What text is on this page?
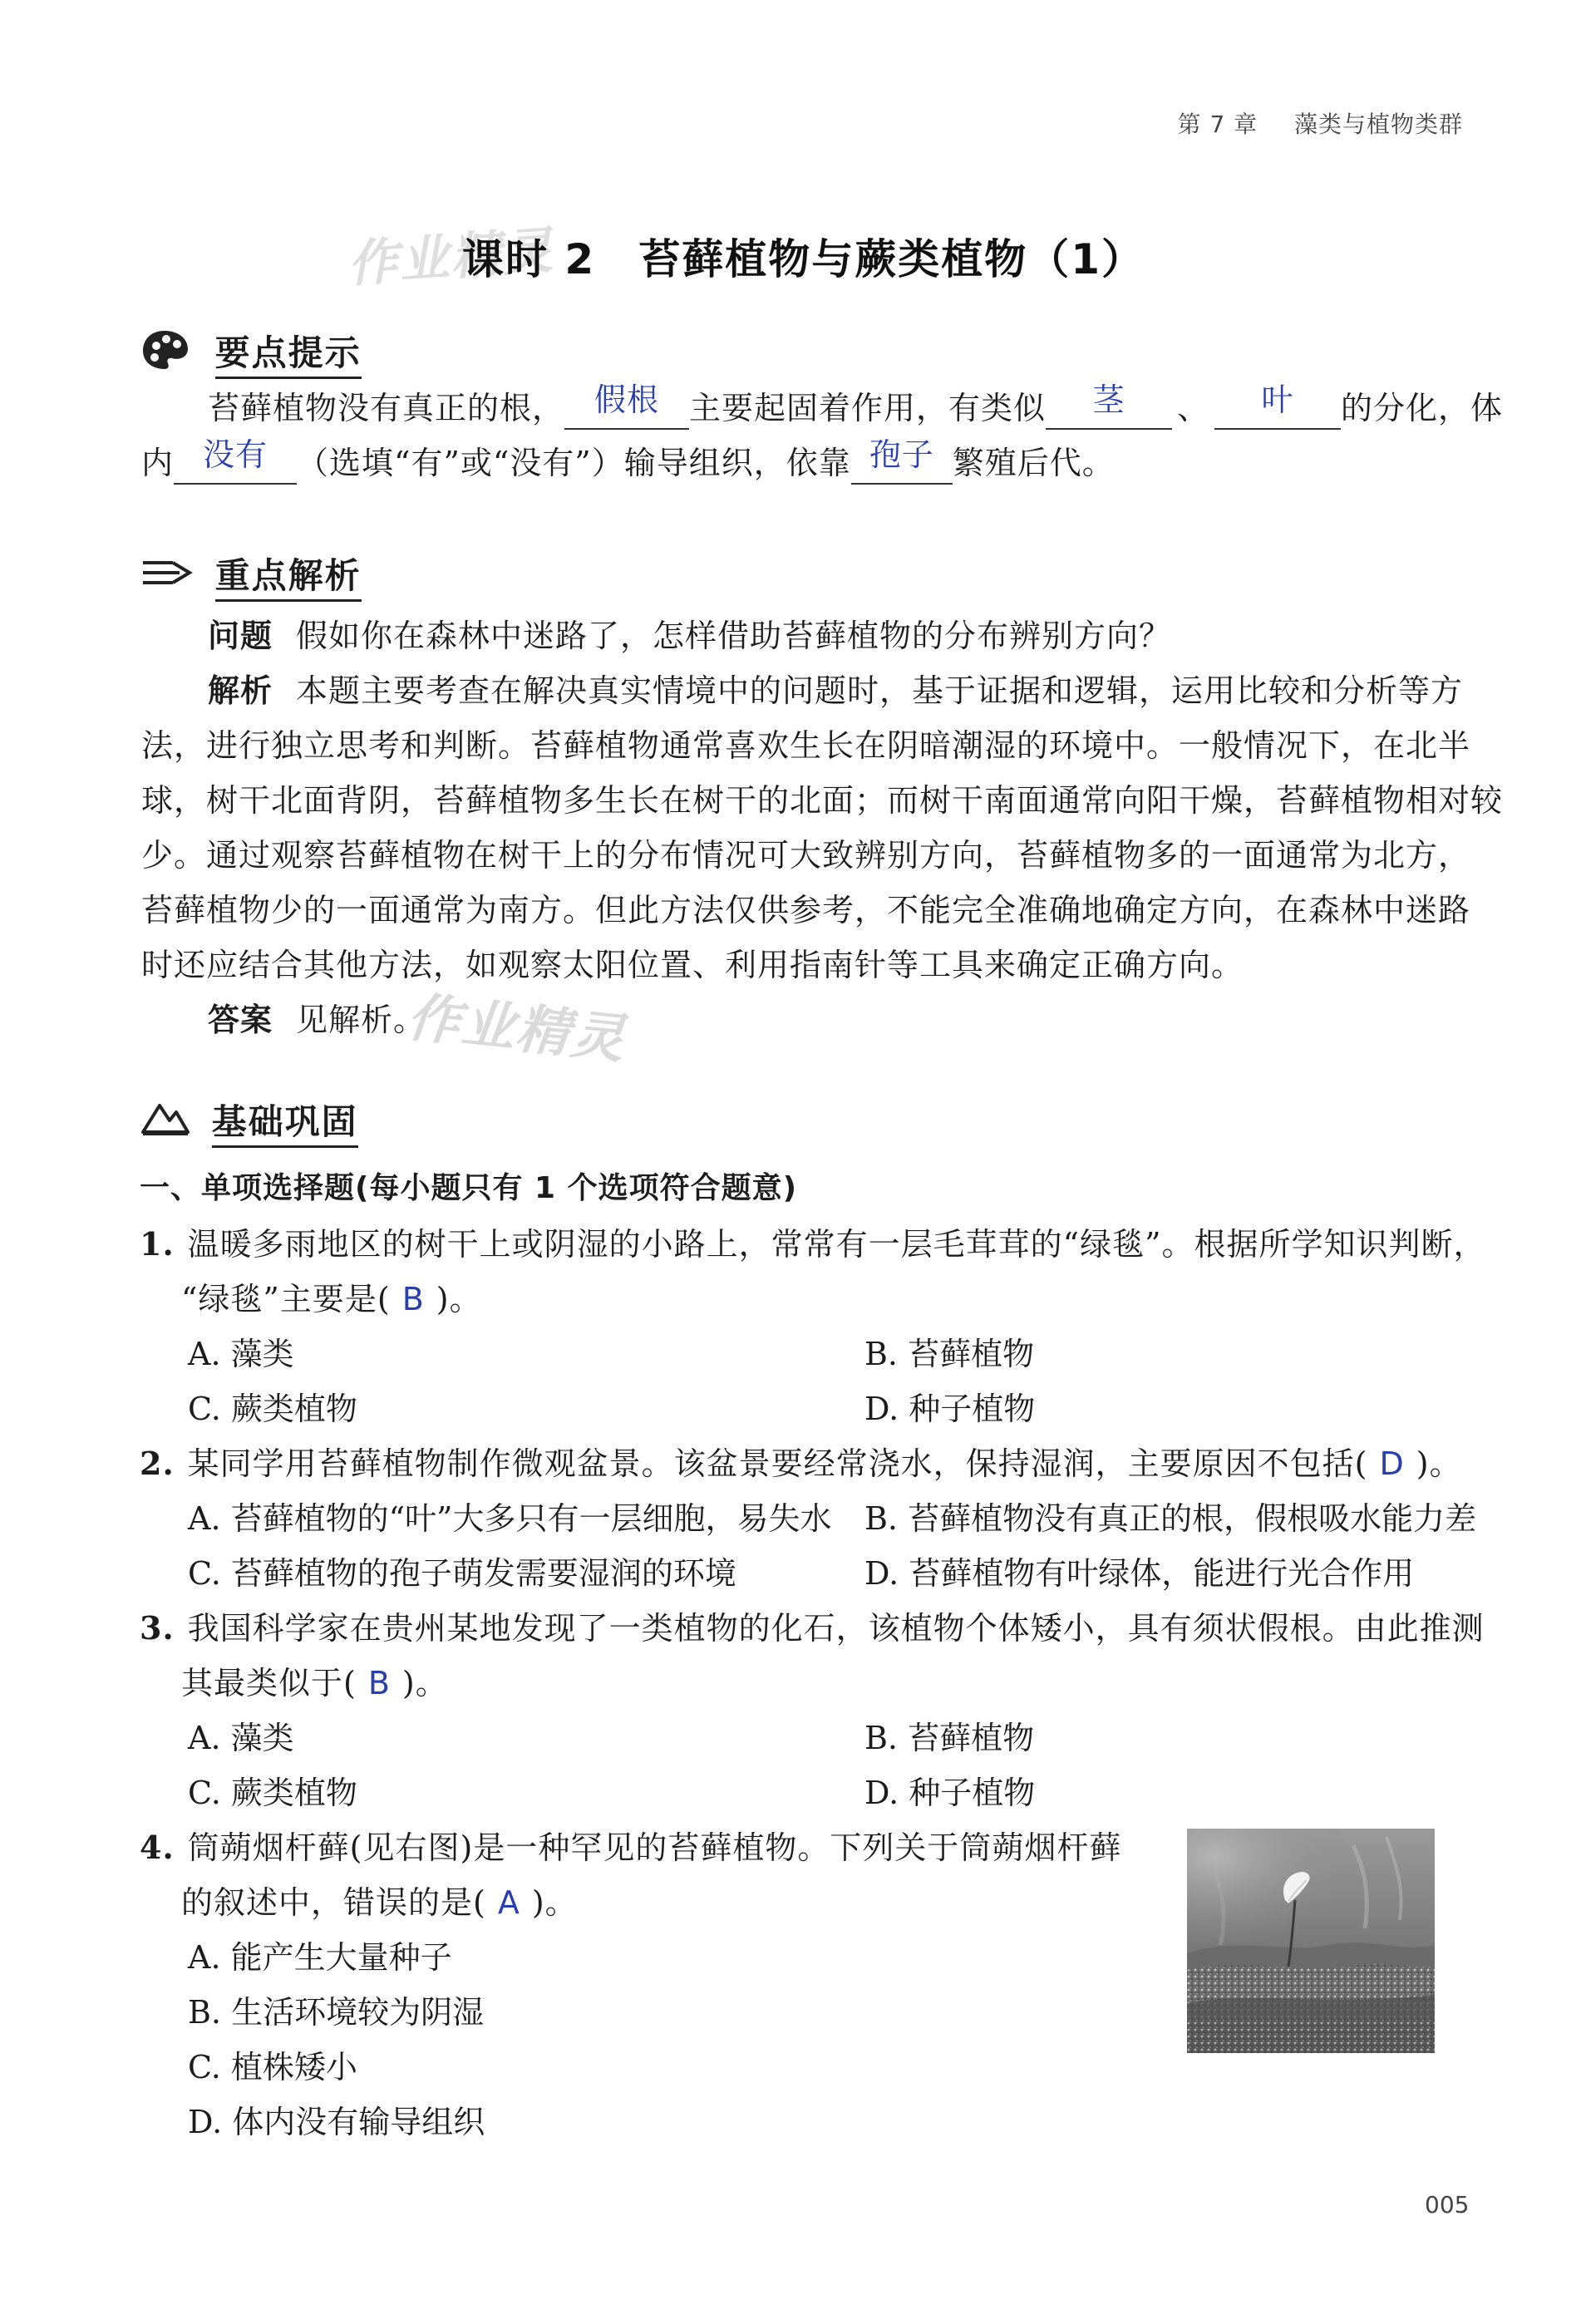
第 7 章 藻类与植物类群
作业精灵
课时 2　苔藓植物与蕨类植物（1）
要点提示
苔藓植物没有真正的根， 假根 主要起固着作用，有类似 茎 、 叶 的分化，体
内 没有 （选填“有”或“没有”）输导组织，依靠 孢子 繁殖后代。
重点解析
问题 假如你在森林中迷路了，怎样借助苔藓植物的分布辨别方向？
解析 本题主要考查在解决真实情境中的问题时，基于证据和逻辑，运用比较和分析等方
法，进行独立思考和判断。苔藓植物通常喜欢生长在阴暗潮湿的环境中。一般情况下，在北半
球，树干北面背阴，苔藓植物多生长在树干的北面；而树干南面通常向阳干燥，苔藓植物相对较
少。通过观察苔藓植物在树干上的分布情况可大致辨别方向，苔藓植物多的一面通常为北方，
苔藓植物少的一面通常为南方。但此方法仅供参考，不能完全准确地确定方向，在森林中迷路
时还应结合其他方法，如观察太阳位置、利用指南针等工具来确定正确方向。
答案 见解析。
作业精灵
基础巩固
一、单项选择题(每小题只有 1 个选项符合题意)
1. 温暖多雨地区的树干上或阴湿的小路上，常常有一层毛茸茸的“绿毯”。根据所学知识判断，
“绿毯”主要是( B )。
A. 藻类	B. 苔藓植物
C. 蕨类植物	D. 种子植物
2. 某同学用苔藓植物制作微观盆景。该盆景要经常浇水，保持湿润，主要原因不包括( D )。
A. 苔藓植物的“叶”大多只有一层细胞，易失水 B. 苔藓植物没有真正的根，假根吸水能力差
C. 苔藓植物的孢子萌发需要湿润的环境	D. 苔藓植物有叶绿体，能进行光合作用
3. 我国科学家在贵州某地发现了一类植物的化石，该植物个体矮小，具有须状假根。由此推测
其最类似于( B )。
A. 藻类	B. 苔藓植物
C. 蕨类植物	D. 种子植物
4. 筒蒴烟杆藓(见右图)是一种罕见的苔藓植物。下列关于筒蒴烟杆藓
的叙述中，错误的是( A )。
A. 能产生大量种子
B. 生活环境较为阴湿
C. 植株矮小
D. 体内没有输导组织
005
